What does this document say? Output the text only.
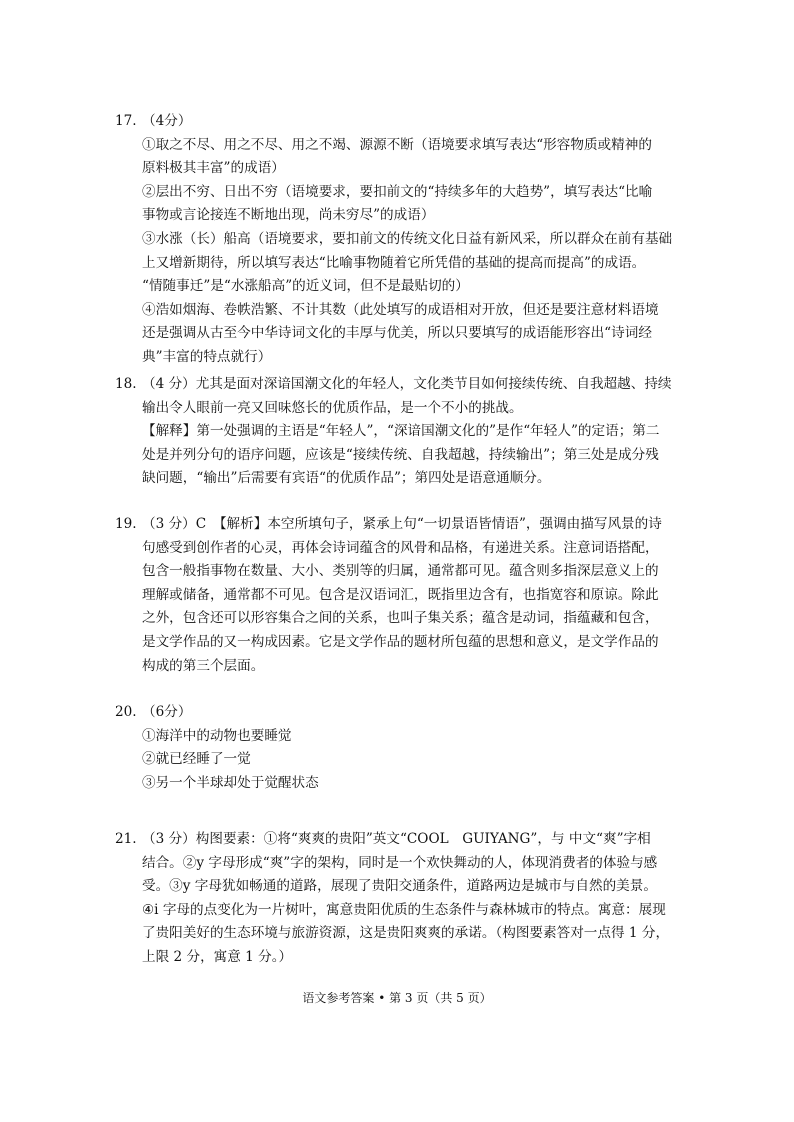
17. （4分）
①取之不尽、用之不尽、用之不竭、源源不断（语境要求填写表达“形容物质或精神的
原料极其丰富”的成语）
②层出不穷、日出不穷（语境要求，要扣前文的“持续多年的大趋势”，填写表达“比喻
事物或言论接连不断地出现，尚未穷尽”的成语）
③水涨（长）船高（语境要求，要扣前文的传统文化日益有新风采，所以群众在前有基础
上又增新期待，所以填写表达“比喻事物随着它所凭借的基础的提高而提高”的成语。
“情随事迁”是“水涨船高”的近义词，但不是最贴切的）
④浩如烟海、卷帙浩繁、不计其数（此处填写的成语相对开放，但还是要注意材料语境
还是强调从古至今中华诗词文化的丰厚与优美，所以只要填写的成语能形容出“诗词经
典”丰富的特点就行）
18. （4 分）尤其是面对深谙国潮文化的年轻人，文化类节目如何接续传统、自我超越、持续
输出令人眼前一亮又回味悠长的优质作品，是一个不小的挑战。
【解释】第一处强调的主语是“年轻人”，“深谙国潮文化的”是作“年轻人”的定语；第二
处是并列分句的语序问题，应该是“接续传统、自我超越，持续输出”；第三处是成分残
缺问题，“输出”后需要有宾语“的优质作品”；第四处是语意通顺分。
19. （3 分）C　【解析】本空所填句子，紧承上句“一切景语皆情语”，强调由描写风景的诗
句感受到创作者的心灵，再体会诗词蕴含的风骨和品格，有递进关系。注意词语搭配，
包含一般指事物在数量、大小、类别等的归属，通常都可见。蕴含则多指深层意义上的
理解或储备，通常都不可见。包含是汉语词汇，既指里边含有，也指宽容和原谅。除此
之外，包含还可以形容集合之间的关系，也叫子集关系；蕴含是动词，指蕴藏和包含，
是文学作品的又一构成因素。它是文学作品的题材所包蕴的思想和意义，是文学作品的
构成的第三个层面。
20. （6分）
①海洋中的动物也要睡觉
②就已经睡了一觉
③另一个半球却处于觉醒状态
21. （3 分）构图要素：①将“爽爽的贵阳”英文“COOL　GUIYANG”，与 中文“爽”字相
结合。②y 字母形成“爽”字的架构，同时是一个欢快舞动的人，体现消费者的体验与感
受。③y 字母犹如畅通的道路，展现了贵阳交通条件，道路两边是城市与自然的美景。
④i 字母的点变化为一片树叶，寓意贵阳优质的生态条件与森林城市的特点。寓意：展现
了贵阳美好的生态环境与旅游资源，这是贵阳爽爽的承诺。（构图要素答对一点得 1 分，
上限 2 分，寓意 1 分。）
语文参考答案 • 第 3 页（共 5 页）
